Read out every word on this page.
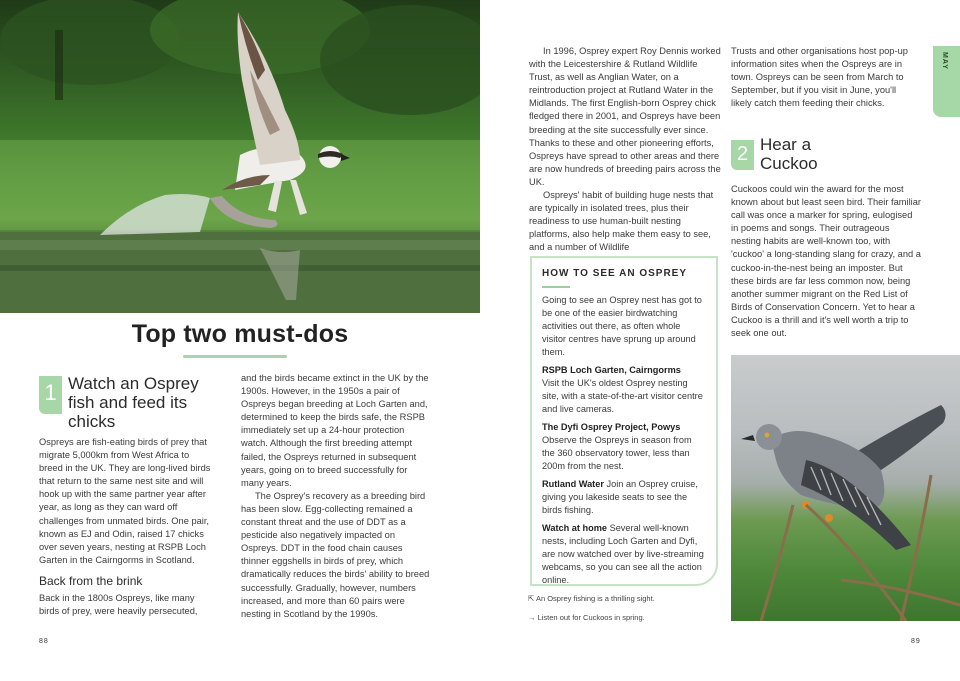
Top two must-dos
1 Watch an Osprey fish and feed its chicks

Ospreys are fish-eating birds of prey that migrate 5,000km from West Africa to breed in the UK. They are long-lived birds that return to the same nest site and will hook up with the same partner year after year, as long as they can ward off challenges from unmated birds. One pair, known as EJ and Odin, raised 17 chicks over seven years, nesting at RSPB Loch Garten in the Cairngorms in Scotland.

Back from the brink

Back in the 1800s Ospreys, like many birds of prey, were heavily persecuted,

and the birds became extinct in the UK by the 1900s. However, in the 1950s a pair of Ospreys began breeding at Loch Garten and, determined to keep the birds safe, the RSPB immediately set up a 24-hour protection watch. Although the first breeding attempt failed, the Ospreys returned in subsequent years, going on to breed successfully for many years.

The Osprey's recovery as a breeding bird has been slow. Egg-collecting remained a constant threat and the use of DDT as a pesticide also negatively impacted on Ospreys. DDT in the food chain causes thinner eggshells in birds of prey, which dramatically reduces the birds' ability to breed successfully. Gradually, however, numbers increased, and more than 60 pairs were nesting in Scotland by the 1990s.

88

In 1996, Osprey expert Roy Dennis worked with the Leicestershire & Rutland Wildlife Trust, as well as Anglian Water, on a reintroduction project at Rutland Water in the Midlands. The first English-born Osprey chick fledged there in 2001, and Ospreys have been breeding at the site successfully ever since. Thanks to these and other pioneering efforts, Ospreys have spread to other areas and there are now hundreds of breeding pairs across the UK.

Ospreys' habit of building huge nests that are typically in isolated trees, plus their readiness to use human-built nesting platforms, also help make them easy to see, and a number of Wildlife

HOW TO SEE AN OSPREY

Going to see an Osprey nest has got to be one of the easier birdwatching activities out there, as often whole visitor centres have sprung up around them.

RSPB Loch Garten, Cairngorms
Visit the UK's oldest Osprey nesting site, with a state-of-the-art visitor centre and live cameras.

The Dyfi Osprey Project, Powys
Observe the Ospreys in season from the 360 observatory tower, less than 200m from the nest.

Rutland Water Join an Osprey cruise, giving you lakeside seats to see the birds fishing.

Watch at home Several well-known nests, including Loch Garten and Dyfi, are now watched over by live-streaming webcams, so you can see all the action online.

⇱ An Osprey fishing is a thrilling sight.
→ Listen out for Cuckoos in spring.

Trusts and other organisations host pop-up information sites when the Ospreys are in town. Ospreys can be seen from March to September, but if you visit in June, you'll likely catch them feeding their chicks.

2 Hear a Cuckoo

Cuckoos could win the award for the most known about but least seen bird. Their familiar call was once a marker for spring, eulogised in poems and songs. Their outrageous nesting habits are well-known too, with 'cuckoo' a long-standing slang for crazy, and a cuckoo-in-the-nest being an imposter. But these birds are far less common now, being another summer migrant on the Red List of Birds of Conservation Concern. Yet to hear a Cuckoo is a thrill and it's well worth a trip to seek one out.

MAY
89
